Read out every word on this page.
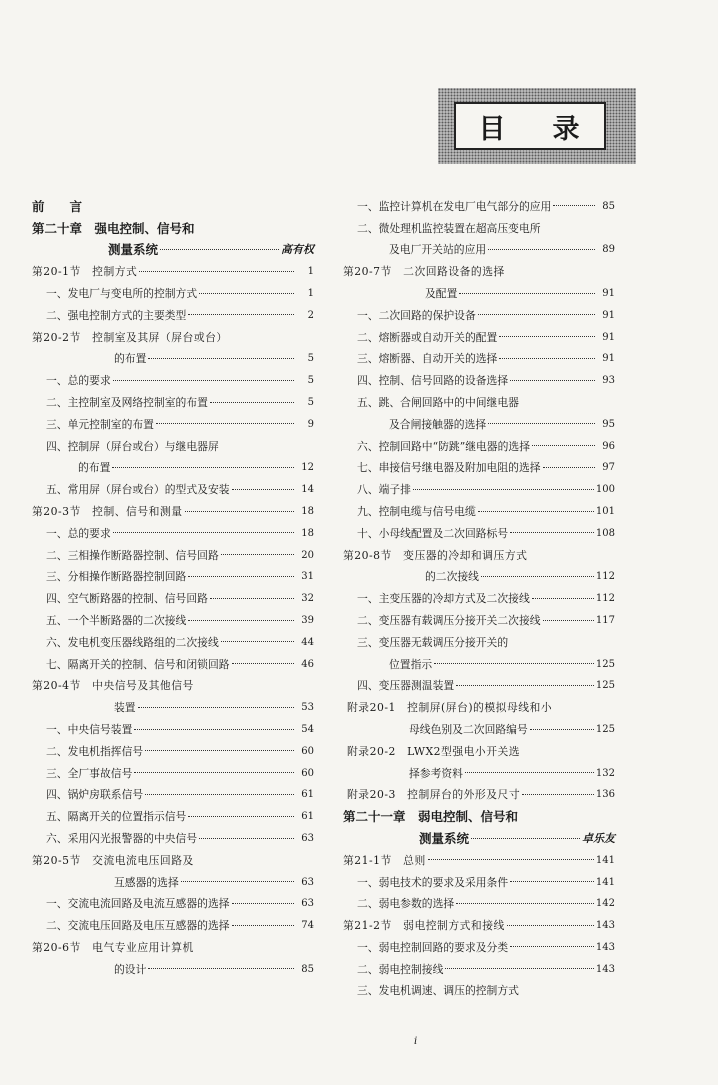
目 录
前　　言
第二十章　强电控制、信号和
测量系统	高有权
第20-1节　控制方式	1
一、发电厂与变电所的控制方式	1
二、强电控制方式的主要类型	2
第20-2节　控制室及其屏（屏台或台）
的布置	5
一、总的要求	5
二、主控制室及网络控制室的布置	5
三、单元控制室的布置	9
四、控制屏（屏台或台）与继电器屏
的布置	12
五、常用屏（屏台或台）的型式及安装	14
第20-3节　控制、信号和测量	18
一、总的要求	18
二、三相操作断路器控制、信号回路	20
三、分相操作断路器控制回路	31
四、空气断路器的控制、信号回路	32
五、一个半断路器的二次接线	39
六、发电机变压器线路组的二次接线	44
七、隔离开关的控制、信号和闭锁回路	46
第20-4节　中央信号及其他信号
装置	53
一、中央信号装置	54
二、发电机指挥信号	60
三、全厂事故信号	60
四、锅炉房联系信号	61
五、隔离开关的位置指示信号	61
六、采用闪光报警器的中央信号	63
第20-5节　交流电流电压回路及
互感器的选择	63
一、交流电流回路及电流互感器的选择	63
二、交流电压回路及电压互感器的选择	74
第20-6节　电气专业应用计算机
的设计	85
一、监控计算机在发电厂电气部分的应用	85
二、微处理机监控装置在超高压变电所
及电厂开关站的应用	89
第20-7节　二次回路设备的选择
及配置	91
一、二次回路的保护设备	91
二、熔断器或自动开关的配置	91
三、熔断器、自动开关的选择	91
四、控制、信号回路的设备选择	93
五、跳、合闸回路中的中间继电器
及合闸接触器的选择	95
六、控制回路中“防跳”继电器的选择	96
七、串接信号继电器及附加电阻的选择	97
八、端子排	100
九、控制电缆与信号电缆	101
十、小母线配置及二次回路标号	108
第20-8节　变压器的冷却和调压方式
的二次接线	112
一、主变压器的冷却方式及二次接线	112
二、变压器有载调压分接开关二次接线	117
三、变压器无载调压分接开关的
位置指示	125
四、变压器测温装置	125
附录20-1　控制屏(屏台)的模拟母线和小
母线色别及二次回路编号	125
附录20-2　LWX2型强电小开关选
择参考资料	132
附录20-3　控制屏台的外形及尺寸	136
第二十一章　弱电控制、信号和
测量系统	卓乐友
第21-1节　总则	141
一、弱电技术的要求及采用条件	141
二、弱电参数的选择	142
第21-2节　弱电控制方式和接线	143
一、弱电控制回路的要求及分类	143
二、弱电控制接线	143
三、发电机调速、调压的控制方式
i
